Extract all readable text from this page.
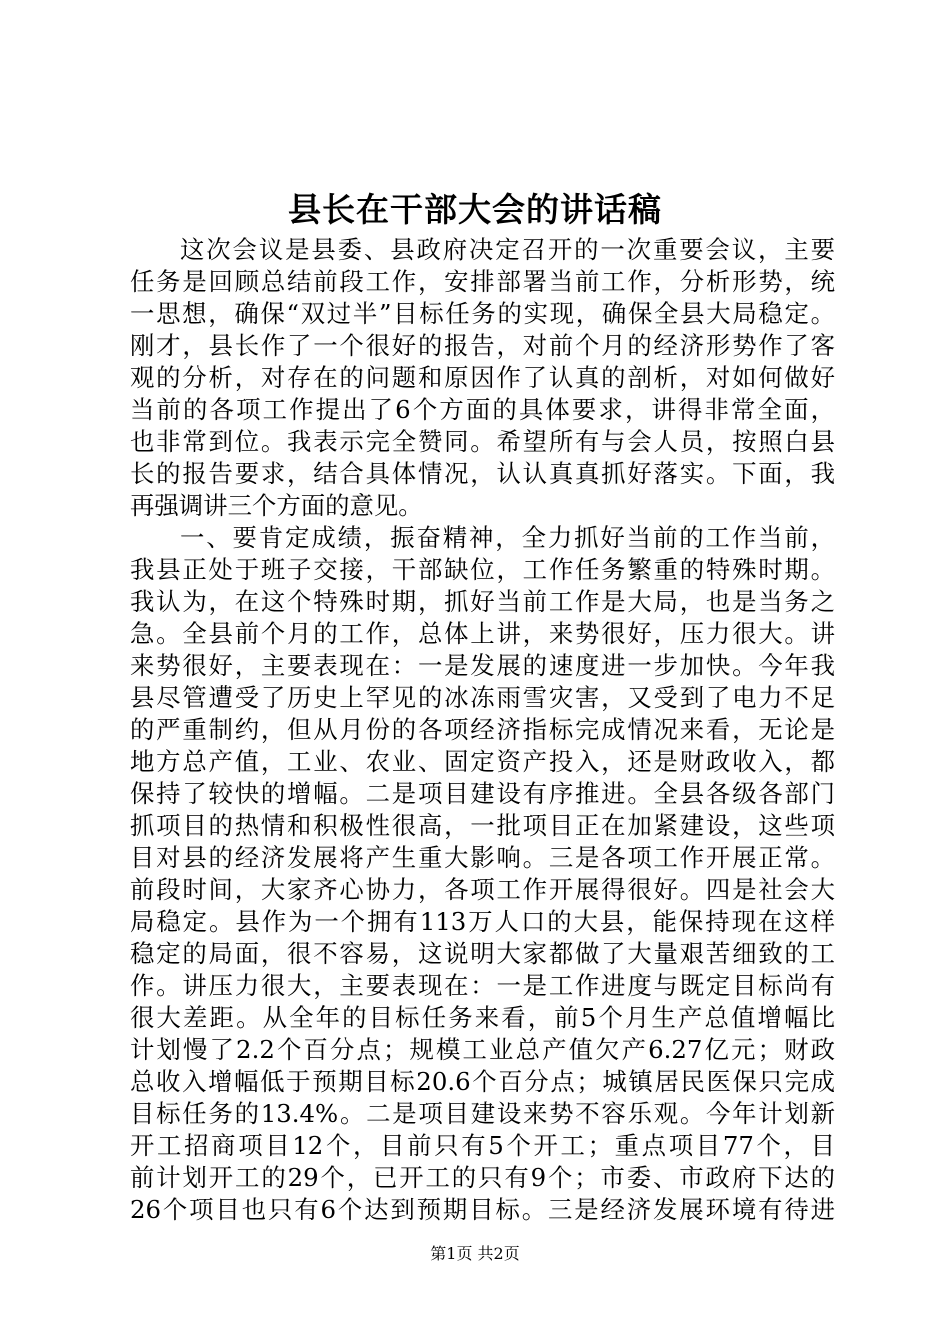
县长在干部大会的讲话稿
这次会议是县委、县政府决定召开的一次重要会议，主要
任务是回顾总结前段工作，安排部署当前工作，分析形势，统
一思想，确保“双过半”目标任务的实现，确保全县大局稳定。
刚才，县长作了一个很好的报告，对前个月的经济形势作了客
观的分析，对存在的问题和原因作了认真的剖析，对如何做好
当前的各项工作提出了6个方面的具体要求，讲得非常全面，
也非常到位。我表示完全赞同。希望所有与会人员，按照白县
长的报告要求，结合具体情况，认认真真抓好落实。下面，我
再强调讲三个方面的意见。
一、要肯定成绩，振奋精神，全力抓好当前的工作当前，
我县正处于班子交接，干部缺位，工作任务繁重的特殊时期。
我认为，在这个特殊时期，抓好当前工作是大局，也是当务之
急。全县前个月的工作，总体上讲，来势很好，压力很大。讲
来势很好，主要表现在：一是发展的速度进一步加快。今年我
县尽管遭受了历史上罕见的冰冻雨雪灾害，又受到了电力不足
的严重制约，但从月份的各项经济指标完成情况来看，无论是
地方总产值，工业、农业、固定资产投入，还是财政收入，都
保持了较快的增幅。二是项目建设有序推进。全县各级各部门
抓项目的热情和积极性很高，一批项目正在加紧建设，这些项
目对县的经济发展将产生重大影响。三是各项工作开展正常。
前段时间，大家齐心协力，各项工作开展得很好。四是社会大
局稳定。县作为一个拥有113万人口的大县，能保持现在这样
稳定的局面，很不容易，这说明大家都做了大量艰苦细致的工
作。讲压力很大，主要表现在：一是工作进度与既定目标尚有
很大差距。从全年的目标任务来看，前5个月生产总值增幅比
计划慢了2.2个百分点；规模工业总产值欠产6.27亿元；财政
总收入增幅低于预期目标20.6个百分点；城镇居民医保只完成
目标任务的13.4%。二是项目建设来势不容乐观。今年计划新
开工招商项目12个，目前只有5个开工；重点项目77个，目
前计划开工的29个，已开工的只有9个；市委、市政府下达的
26个项目也只有6个达到预期目标。三是经济发展环境有待进
第1页 共2页
